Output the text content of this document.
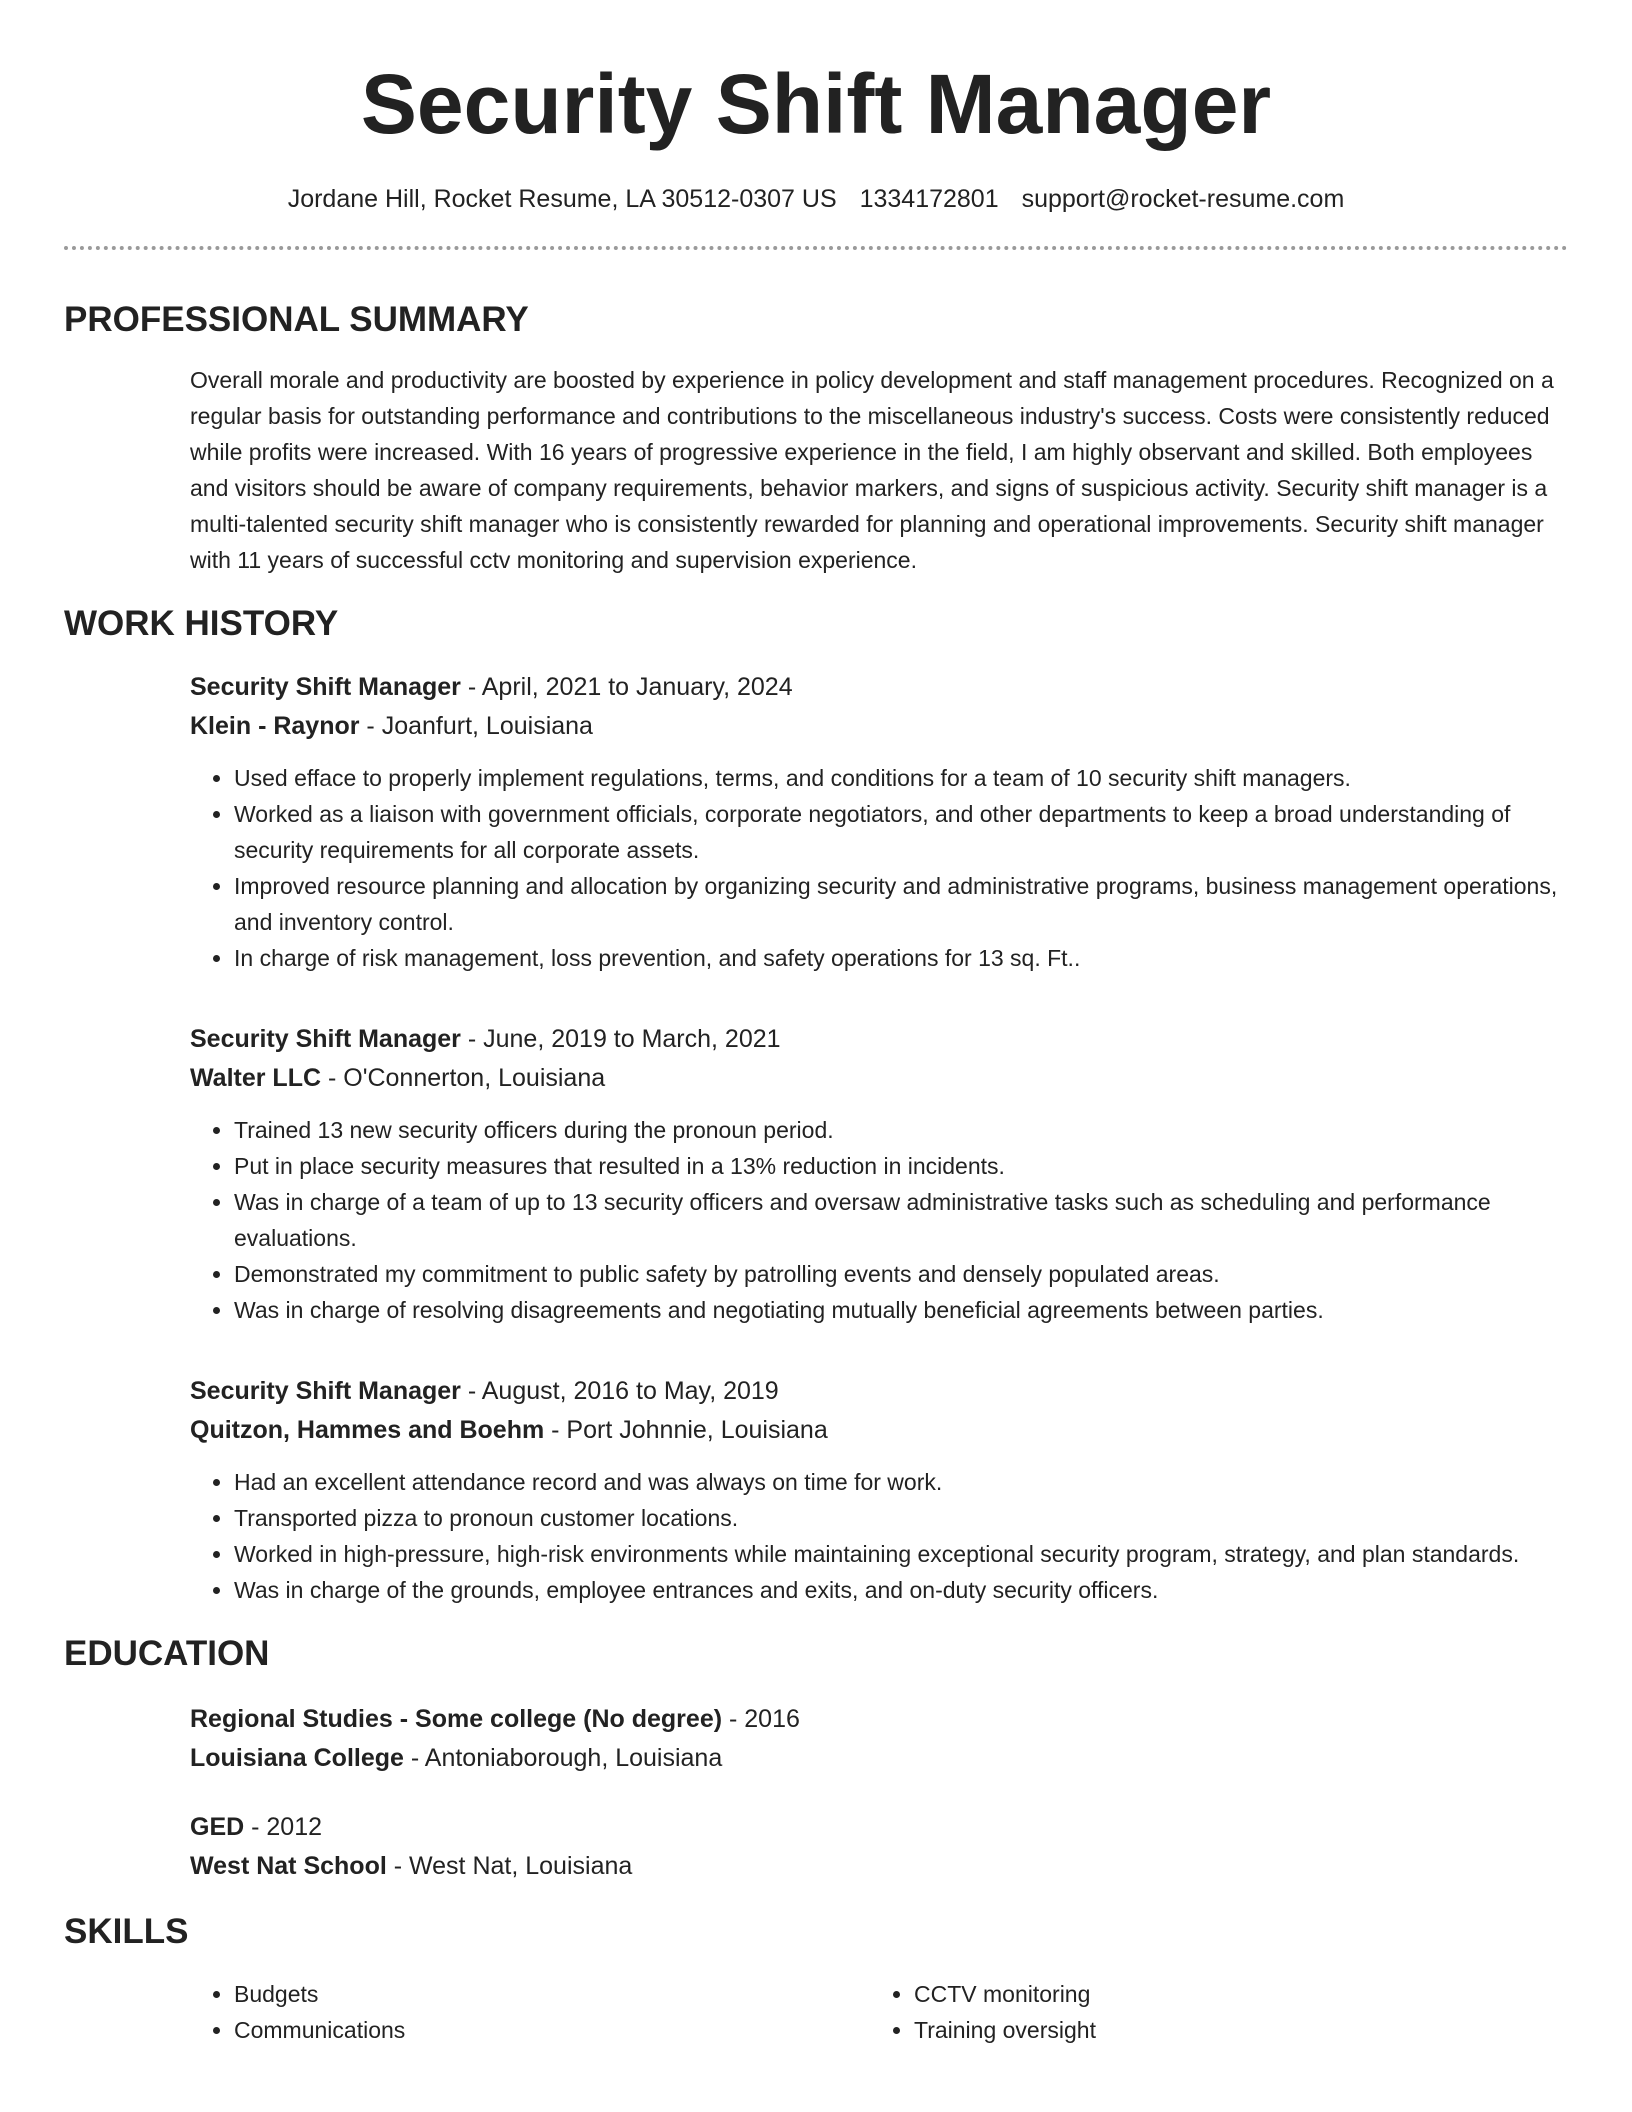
Security Shift Manager
Jordane Hill, Rocket Resume, LA 30512-0307 US 1334172801 support@rocket-resume.com
PROFESSIONAL SUMMARY

Overall morale and productivity are boosted by experience in policy development and staff management procedures. Recognized on a regular basis for outstanding performance and contributions to the miscellaneous industry's success. Costs were consistently reduced while profits were increased. With 16 years of progressive experience in the field, I am highly observant and skilled. Both employees and visitors should be aware of company requirements, behavior markers, and signs of suspicious activity. Security shift manager is a multi-talented security shift manager who is consistently rewarded for planning and operational improvements. Security shift manager with 11 years of successful cctv monitoring and supervision experience.

WORK HISTORY
Security Shift Manager - April, 2021 to January, 2024
Klein - Raynor - Joanfurt, Louisiana
• Used efface to properly implement regulations, terms, and conditions for a team of 10 security shift managers.
• Worked as a liaison with government officials, corporate negotiators, and other departments to keep a broad understanding of security requirements for all corporate assets.
• Improved resource planning and allocation by organizing security and administrative programs, business management operations, and inventory control.
• In charge of risk management, loss prevention, and safety operations for 13 sq. Ft..
Security Shift Manager - June, 2019 to March, 2021
Walter LLC - O'Connerton, Louisiana
• Trained 13 new security officers during the pronoun period.
• Put in place security measures that resulted in a 13% reduction in incidents.
• Was in charge of a team of up to 13 security officers and oversaw administrative tasks such as scheduling and performance evaluations.
• Demonstrated my commitment to public safety by patrolling events and densely populated areas.
• Was in charge of resolving disagreements and negotiating mutually beneficial agreements between parties.
Security Shift Manager - August, 2016 to May, 2019
Quitzon, Hammes and Boehm - Port Johnnie, Louisiana
• Had an excellent attendance record and was always on time for work.
• Transported pizza to pronoun customer locations.
• Worked in high-pressure, high-risk environments while maintaining exceptional security program, strategy, and plan standards.
• Was in charge of the grounds, employee entrances and exits, and on-duty security officers.
EDUCATION
Regional Studies - Some college (No degree) - 2016
Louisiana College - Antoniaborough, Louisiana
GED - 2012
West Nat School - West Nat, Louisiana
SKILLS
• Budgets
• Communications
• CCTV monitoring
• Training oversight
